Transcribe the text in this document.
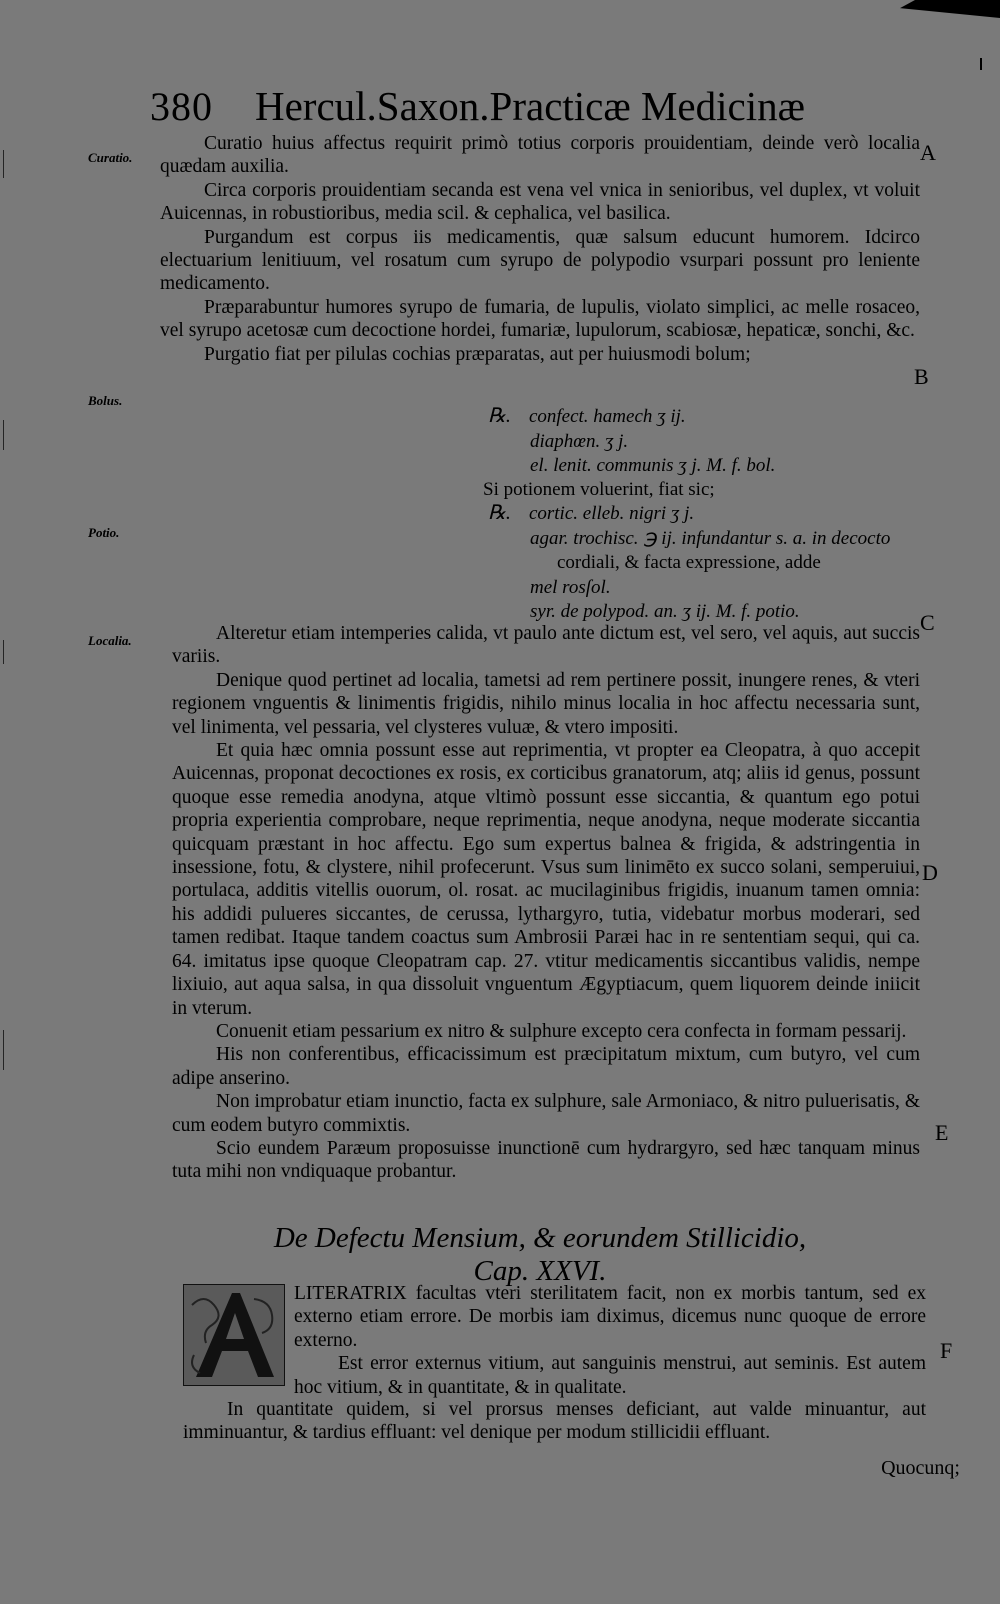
380 Hercul.Saxon.Practicæ Medicinæ
Curatio.
Bolus.
Potio.
Localia.
A
B
C
D
E
F

Curatio huius affectus requirit primò totius corporis prouidentiam, deinde verò localia quædam auxilia.

Circa corporis prouidentiam secanda est vena vel vnica in senioribus, vel duplex, vt voluit Auicennas, in robustioribus, media scil. & cephalica, vel basilica.

Purgandum est corpus iis medicamentis, quæ salsum educunt humorem. Idcirco electuarium lenitiuum, vel rosatum cum syrupo de polypodio vsurpari possunt pro leniente medicamento.

Præparabuntur humores syrupo de fumaria, de lupulis, violato simplici, ac melle rosaceo, vel syrupo acetosæ cum decoctione hordei, fumariæ, lupulorum, scabiosæ, hepaticæ, sonchi, &c.

Purgatio fiat per pilulas cochias præparatas, aut per huiusmodi bolum;

℞. confect. hamech ʒ ij.
diaphœn. ʒ j.
el. lenit. communis ʒ j. M. f. bol.
Si potionem voluerint, fiat sic;
℞. cortic. elleb. nigri ʒ j.
agar. trochisc. ℈ ij. infundantur s. a. in decocto
cordiali, & facta expressione, adde
mel rosſol.
syr. de polypod. an. ʒ ij. M. f. potio.

Alteretur etiam intemperies calida, vt paulo ante dictum est, vel sero, vel aquis, aut succis variis.

Denique quod pertinet ad localia, tametsi ad rem pertinere possit, inungere renes, & vteri regionem vnguentis & linimentis frigidis, nihilo minus localia in hoc affectu necessaria sunt, vel linimenta, vel pessaria, vel clysteres vuluæ, & vtero impositi.

Et quia hæc omnia possunt esse aut reprimentia, vt propter ea Cleopatra, à quo accepit Auicennas, proponat decoctiones ex rosis, ex corticibus granatorum, atq; aliis id genus, possunt quoque esse remedia anodyna, atque vltimò possunt esse siccantia, & quantum ego potui propria experientia comprobare, neque reprimentia, neque anodyna, neque moderate siccantia quicquam præstant in hoc affectu. Ego sum expertus balnea & frigida, & adstringentia in insessione, fotu, & clystere, nihil profecerunt. Vsus sum linimēto ex succo solani, semperuiui, portulaca, additis vitellis ouorum, ol. rosat. ac mucilaginibus frigidis, inuanum tamen omnia: his addidi pulueres siccantes, de cerussa, lythargyro, tutia, videbatur morbus moderari, sed tamen redibat. Itaque tandem coactus sum Ambrosii Paræi hac in re sententiam sequi, qui ca. 64. imitatus ipse quoque Cleopatram cap. 27. vtitur medicamentis siccantibus validis, nempe lixiuio, aut aqua salsa, in qua dissoluit vnguentum Ægyptiacum, quem liquorem deinde iniicit in vterum.

Conuenit etiam pessarium ex nitro & sulphure excepto cera confecta in formam pessarij.

His non conferentibus, efficacissimum est præcipitatum mixtum, cum butyro, vel cum adipe anserino.

Non improbatur etiam inunctio, facta ex sulphure, sale Armoniaco, & nitro puluerisatis, & cum eodem butyro commixtis.

Scio eundem Paræum proposuisse inunctionē cum hydrargyro, sed hæc tanquam minus tuta mihi non vndiquaque probantur.

De Defectu Mensium, & eorundem Stillicidio,
Cap. XXVI.

LITERATRIX facultas vteri sterilitatem facit, non ex morbis tantum, sed ex externo etiam errore. De morbis iam diximus, dicemus nunc quoque de errore externo.

Est error externus vitium, aut sanguinis menstrui, aut seminis. Est autem hoc vitium, & in quantitate, & in qualitate.

In quantitate quidem, si vel prorsus menses deficiant, aut valde minuantur, aut imminuantur, & tardius effluant: vel denique per modum stillicidii effluant.

Quocunq;
